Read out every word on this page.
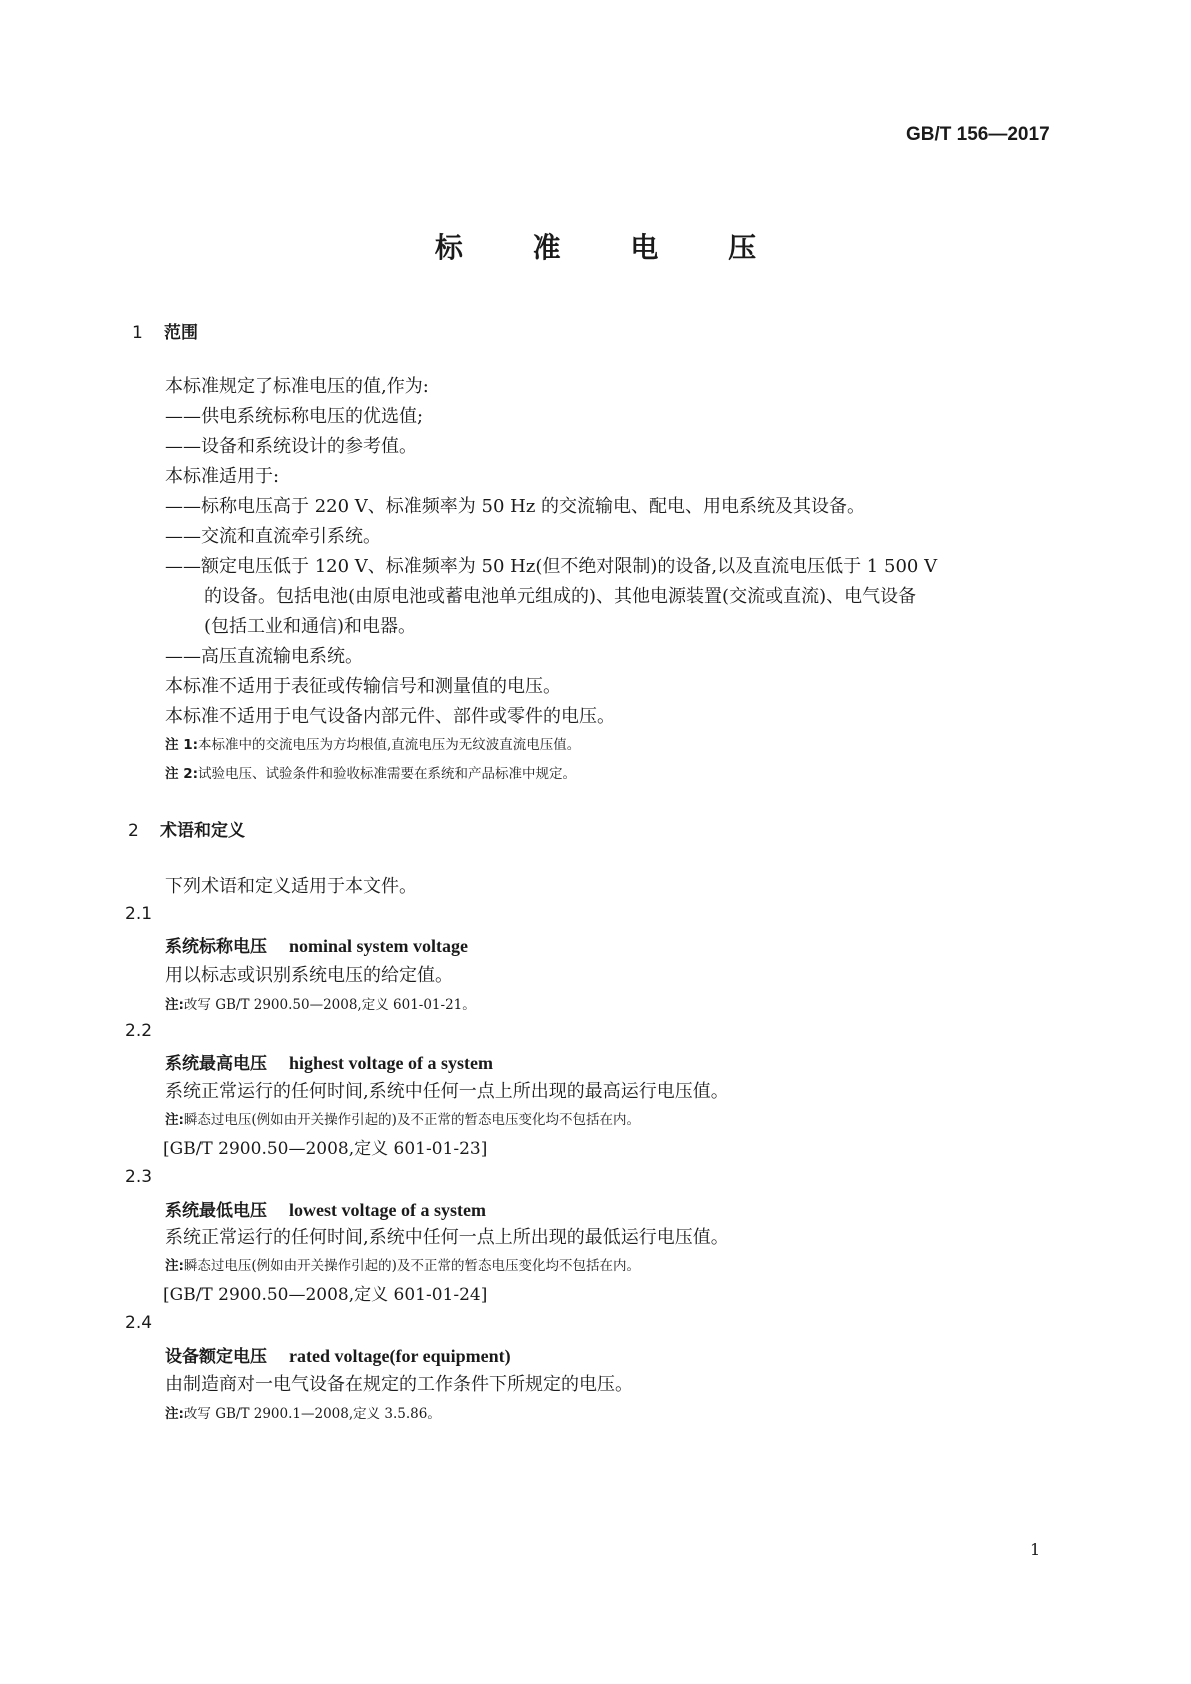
GB/T 156—2017
标 准 电 压
1 范围
本标准规定了标准电压的值,作为:
——供电系统标称电压的优选值;
——设备和系统设计的参考值。
本标准适用于:
——标称电压高于 220 V、标准频率为 50 Hz 的交流输电、配电、用电系统及其设备。
——交流和直流牵引系统。
——额定电压低于 120 V、标准频率为 50 Hz(但不绝对限制)的设备,以及直流电压低于 1 500 V
的设备。包括电池(由原电池或蓄电池单元组成的)、其他电源装置(交流或直流)、电气设备
(包括工业和通信)和电器。
——高压直流输电系统。
本标准不适用于表征或传输信号和测量值的电压。
本标准不适用于电气设备内部元件、部件或零件的电压。
注 1:本标准中的交流电压为方均根值,直流电压为无纹波直流电压值。
注 2:试验电压、试验条件和验收标准需要在系统和产品标准中规定。
2 术语和定义
下列术语和定义适用于本文件。
2.1
系统标称电压 nominal system voltage
用以标志或识别系统电压的给定值。
注:改写 GB/T 2900.50—2008,定义 601-01-21。
2.2
系统最高电压 highest voltage of a system
系统正常运行的任何时间,系统中任何一点上所出现的最高运行电压值。
注:瞬态过电压(例如由开关操作引起的)及不正常的暂态电压变化均不包括在内。
[GB/T 2900.50—2008,定义 601-01-23]
2.3
系统最低电压 lowest voltage of a system
系统正常运行的任何时间,系统中任何一点上所出现的最低运行电压值。
注:瞬态过电压(例如由开关操作引起的)及不正常的暂态电压变化均不包括在内。
[GB/T 2900.50—2008,定义 601-01-24]
2.4
设备额定电压 rated voltage(for equipment)
由制造商对一电气设备在规定的工作条件下所规定的电压。
注:改写 GB/T 2900.1—2008,定义 3.5.86。
1
